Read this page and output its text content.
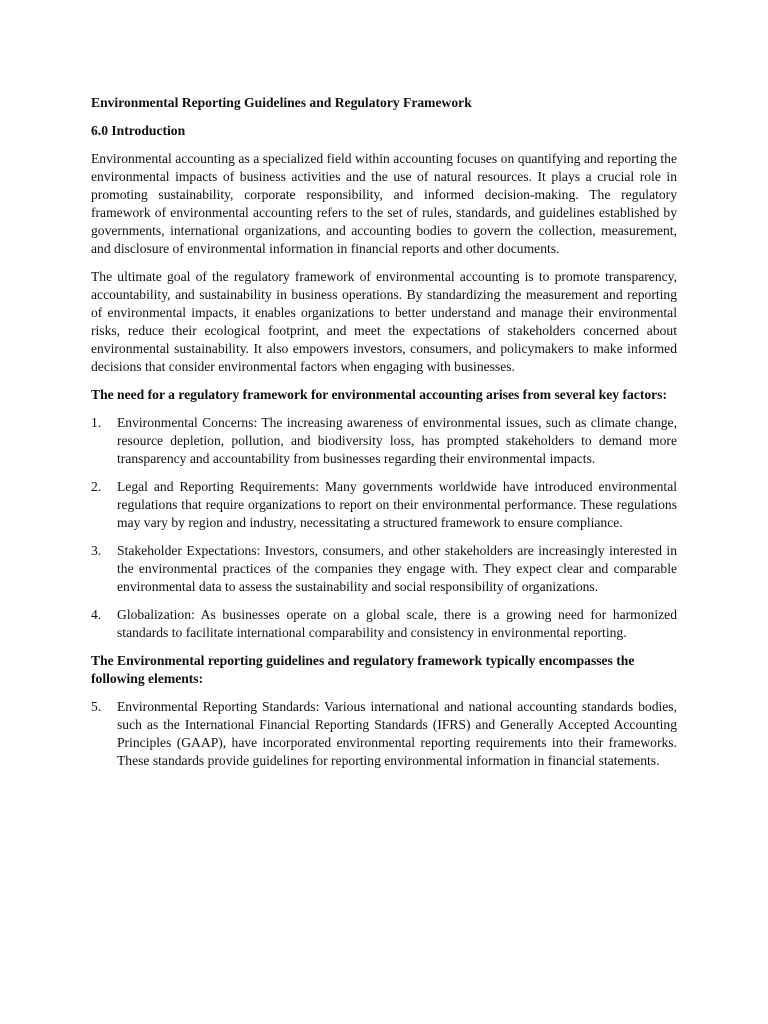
Environmental Reporting Guidelines and Regulatory Framework

6.0 Introduction

Environmental accounting as a specialized field within accounting focuses on quantifying and reporting the environmental impacts of business activities and the use of natural resources. It plays a crucial role in promoting sustainability, corporate responsibility, and informed decision-making. The regulatory framework of environmental accounting refers to the set of rules, standards, and guidelines established by governments, international organizations, and accounting bodies to govern the collection, measurement, and disclosure of environmental information in financial reports and other documents.

The ultimate goal of the regulatory framework of environmental accounting is to promote transparency, accountability, and sustainability in business operations. By standardizing the measurement and reporting of environmental impacts, it enables organizations to better understand and manage their environmental risks, reduce their ecological footprint, and meet the expectations of stakeholders concerned about environmental sustainability. It also empowers investors, consumers, and policymakers to make informed decisions that consider environmental factors when engaging with businesses.

The need for a regulatory framework for environmental accounting arises from several key factors:

1. Environmental Concerns: The increasing awareness of environmental issues, such as climate change, resource depletion, pollution, and biodiversity loss, has prompted stakeholders to demand more transparency and accountability from businesses regarding their environmental impacts.
2. Legal and Reporting Requirements: Many governments worldwide have introduced environmental regulations that require organizations to report on their environmental performance. These regulations may vary by region and industry, necessitating a structured framework to ensure compliance.
3. Stakeholder Expectations: Investors, consumers, and other stakeholders are increasingly interested in the environmental practices of the companies they engage with. They expect clear and comparable environmental data to assess the sustainability and social responsibility of organizations.
4. Globalization: As businesses operate on a global scale, there is a growing need for harmonized standards to facilitate international comparability and consistency in environmental reporting.

The Environmental reporting guidelines and regulatory framework typically encompasses the following elements:

5. Environmental Reporting Standards: Various international and national accounting standards bodies, such as the International Financial Reporting Standards (IFRS) and Generally Accepted Accounting Principles (GAAP), have incorporated environmental reporting requirements into their frameworks. These standards provide guidelines for reporting environmental information in financial statements.
